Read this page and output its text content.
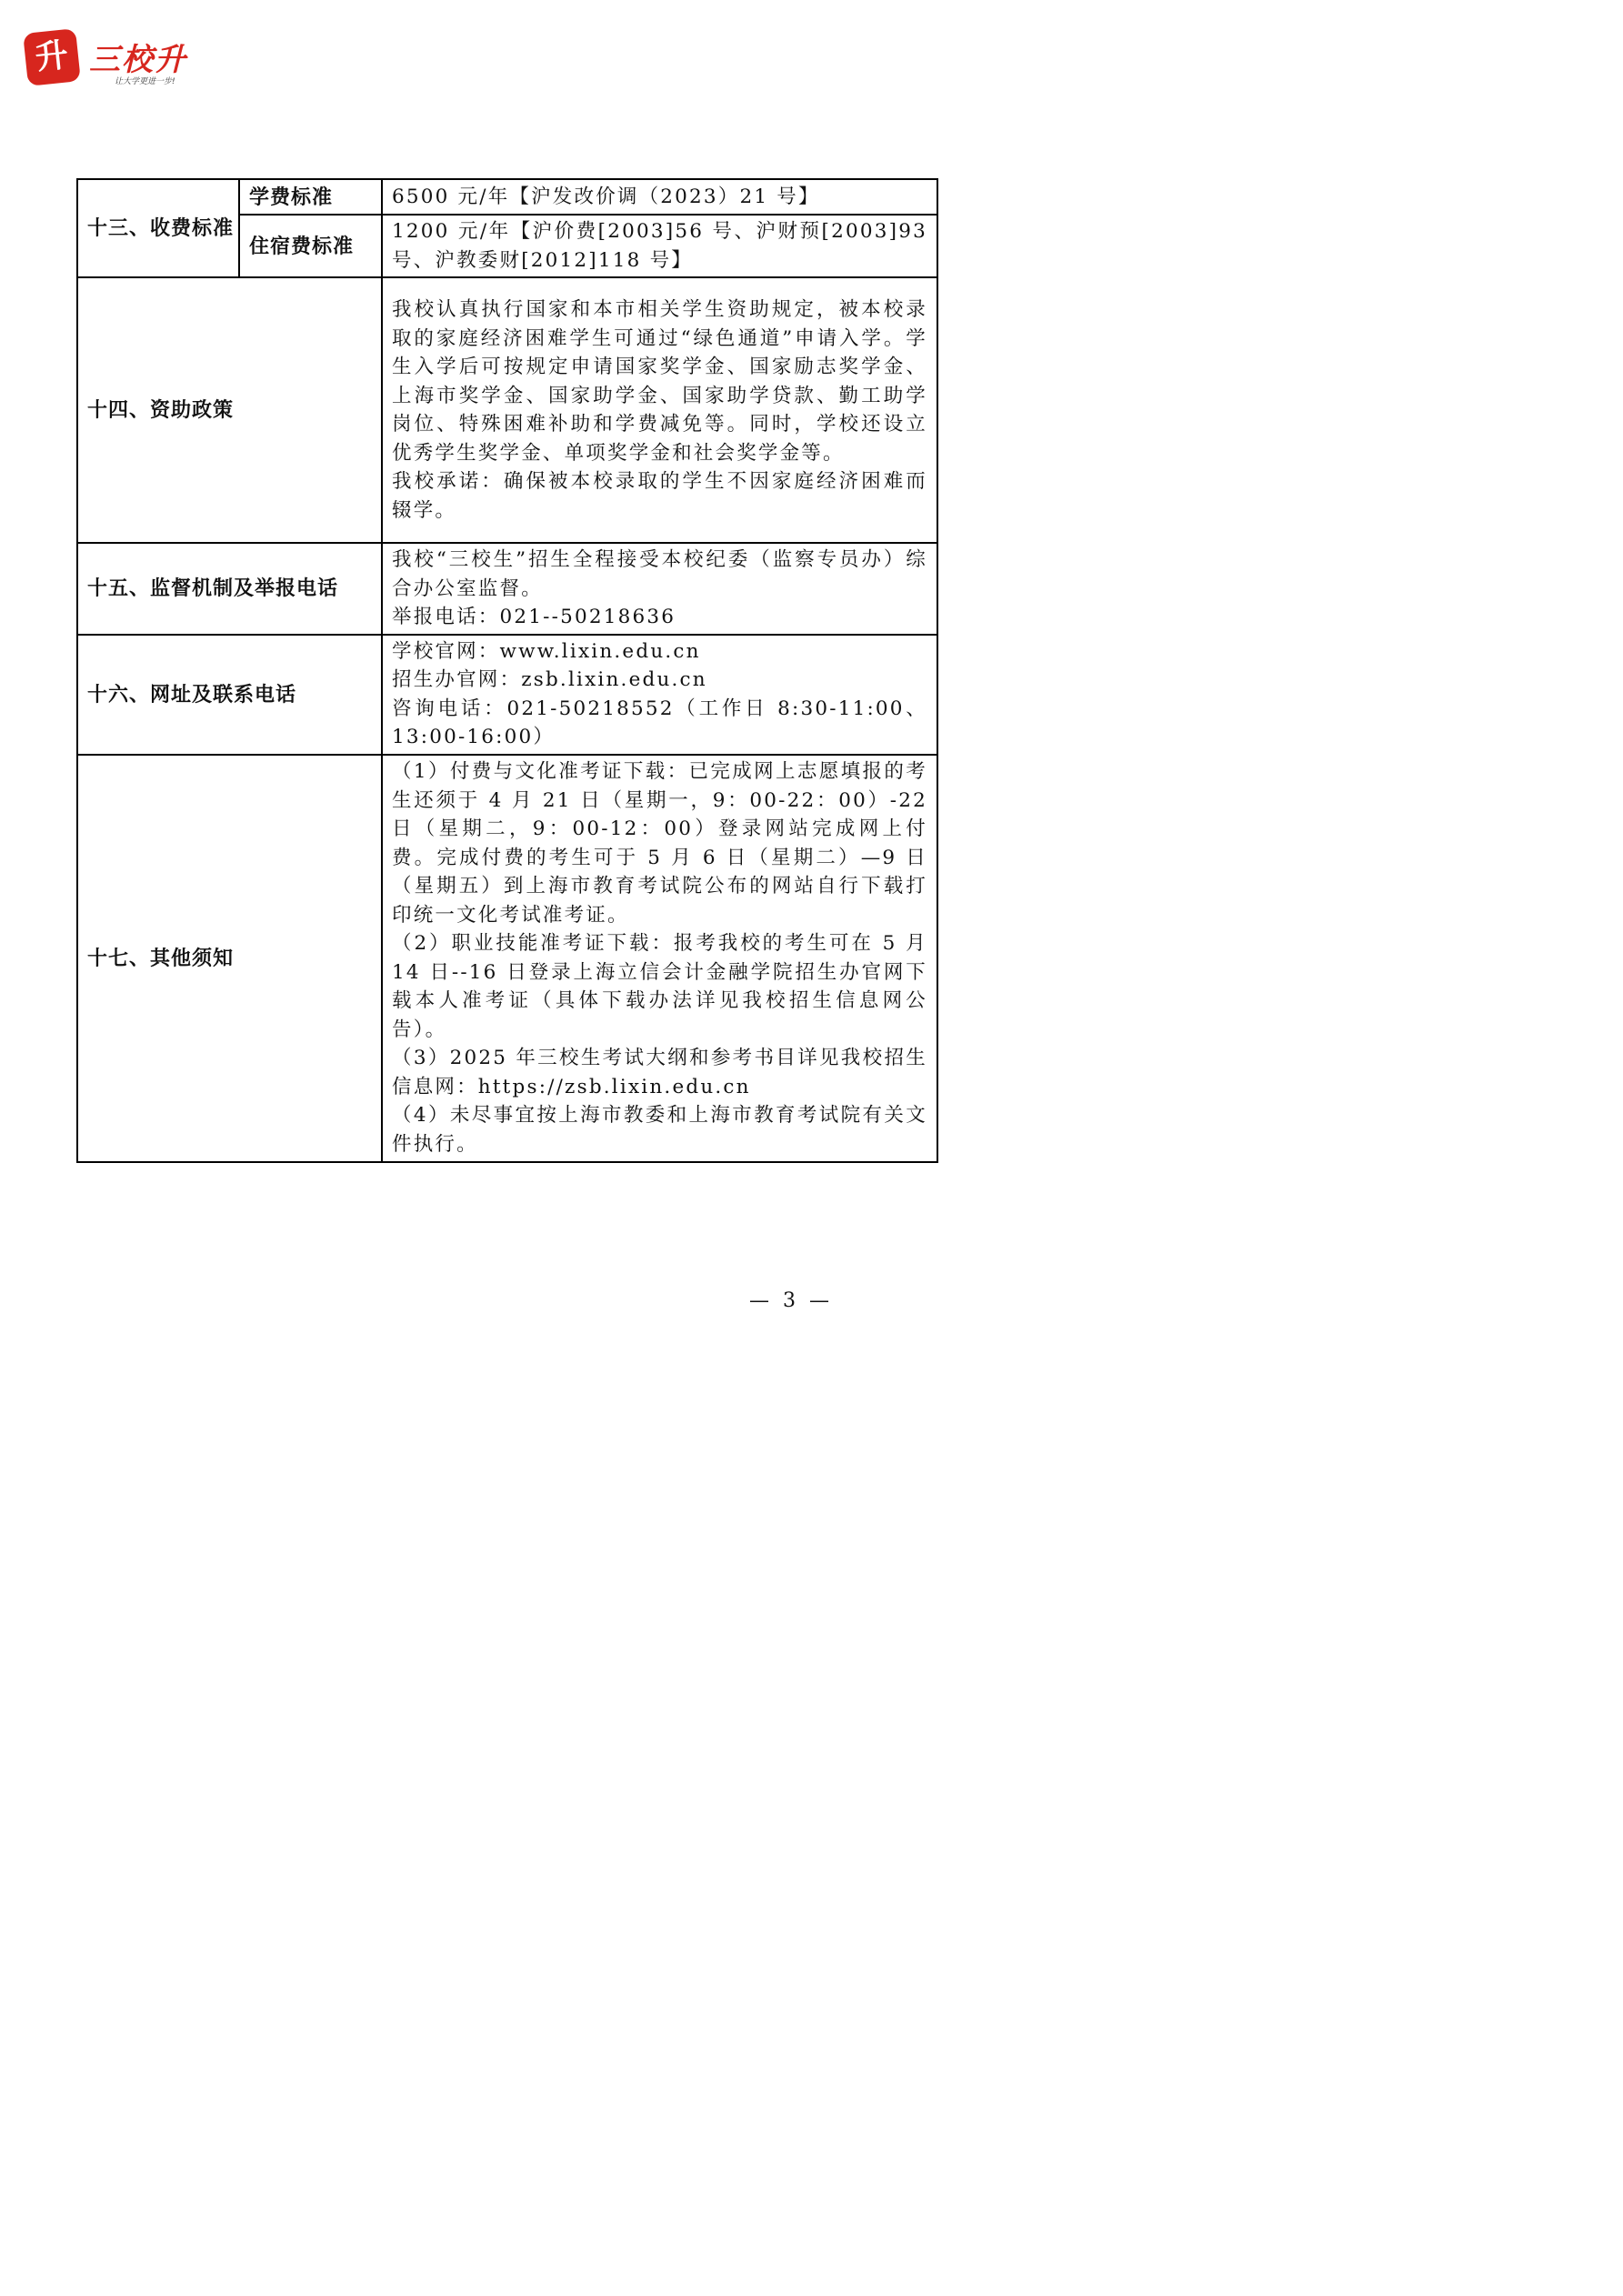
升 三校升
让大学更进一步!
十三、收费标准	学费标准	6500 元/年【沪发改价调（2023）21 号】
	住宿费标准	1200 元/年【沪价费[2003]56 号、沪财预[2003]93 号、沪教委财[2012]118 号】
十四、资助政策		我校认真执行国家和本市相关学生资助规定，被本校录取的家庭经济困难学生可通过“绿色通道”申请入学。学生入学后可按规定申请国家奖学金、国家励志奖学金、上海市奖学金、国家助学金、国家助学贷款、勤工助学岗位、特殊困难补助和学费减免等。同时，学校还设立优秀学生奖学金、单项奖学金和社会奖学金等。

我校承诺：确保被本校录取的学生不因家庭经济困难而辍学。

十五、监督机制及举报电话		我校“三校生”招生全程接受本校纪委（监察专员办）综合办公室监督。

举报电话：021--50218636

十六、网址及联系电话		学校官网：www.lixin.edu.cn

招生办官网：zsb.lixin.edu.cn

咨询电话：021-50218552（工作日 8:30-11:00、13:00-16:00）

十七、其他须知		（1）付费与文化准考证下载：已完成网上志愿填报的考生还须于 4 月 21 日（星期一，9：00-22：00）-22 日（星期二，9：00-12：00）登录网站完成网上付费。完成付费的考生可于 5 月 6 日（星期二）—9 日（星期五）到上海市教育考试院公布的网站自行下载打印统一文化考试准考证。

（2）职业技能准考证下载：报考我校的考生可在 5 月 14 日--16 日登录上海立信会计金融学院招生办官网下载本人准考证（具体下载办法详见我校招生信息网公告）。

（3）2025 年三校生考试大纲和参考书目详见我校招生信息网：https://zsb.lixin.edu.cn

（4）未尽事宜按上海市教委和上海市教育考试院有关文件执行。

— 3 —
